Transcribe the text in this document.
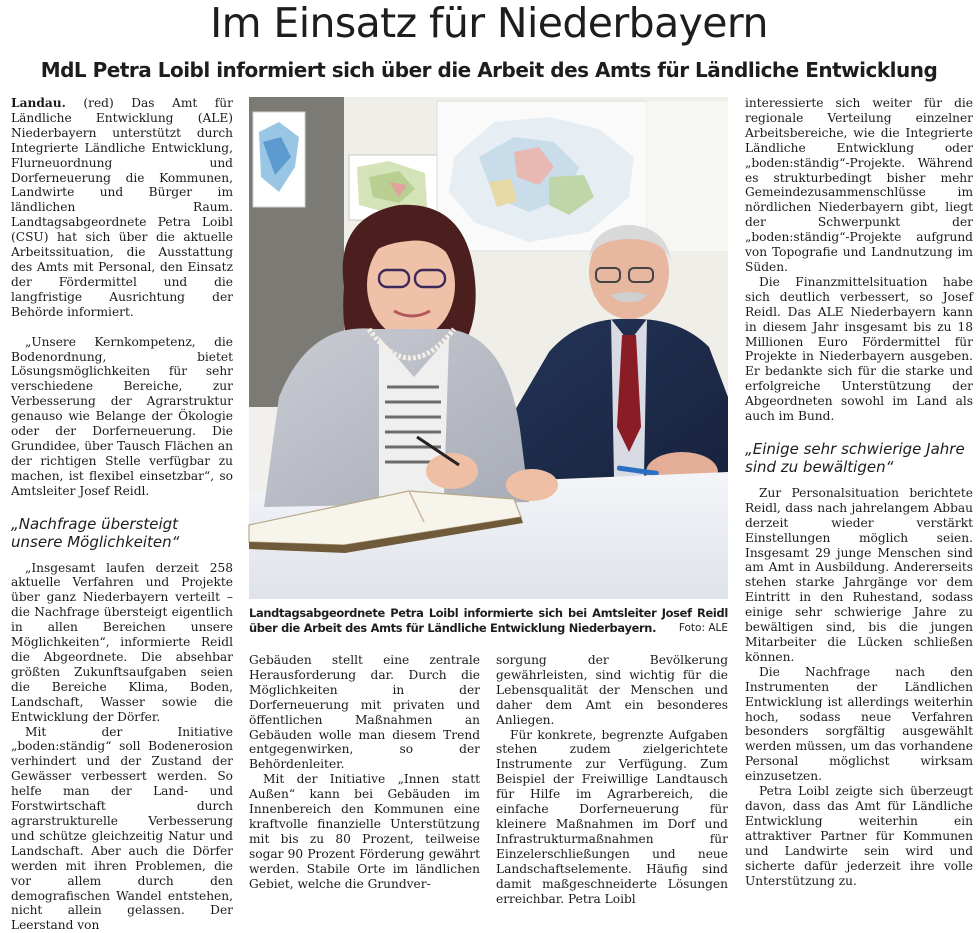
Im Einsatz für Niederbayern
MdL Petra Loibl informiert sich über die Arbeit des Amts für Ländliche Entwicklung

Landau. (red) Das Amt für Ländliche Entwicklung (ALE) Niederbayern unterstützt durch Integrierte Ländliche Entwicklung, Flurneuordnung und Dorferneuerung die Kommunen, Landwirte und Bürger im ländlichen Raum. Landtagsabgeordnete Petra Loibl (CSU) hat sich über die aktuelle Arbeitssituation, die Ausstattung des Amts mit Personal, den Einsatz der Fördermittel und die langfristige Ausrichtung der Behörde informiert.

„Unsere Kernkompetenz, die Bodenordnung, bietet Lösungsmöglichkeiten für sehr verschiedene Bereiche, zur Verbesserung der Agrarstruktur genauso wie Belange der Ökologie oder der Dorferneuerung. Die Grundidee, über Tausch Flächen an der richtigen Stelle verfügbar zu machen, ist flexibel einsetzbar“, so Amtsleiter Josef Reidl.

„Nachfrage übersteigt unsere Möglichkeiten“

„Insgesamt laufen derzeit 258 aktuelle Verfahren und Projekte über ganz Niederbayern verteilt – die Nachfrage übersteigt eigentlich in allen Bereichen unsere Möglichkeiten“, informierte Reidl die Abgeordnete. Die absehbar größten Zukunftsaufgaben seien die Bereiche Klima, Boden, Landschaft, Wasser sowie die Entwicklung der Dörfer.

Mit der Initiative „boden:ständig“ soll Bodenerosion verhindert und der Zustand der Gewässer verbessert werden. So helfe man der Land- und Forstwirtschaft durch agrarstrukturelle Verbesserung und schütze gleichzeitig Natur und Landschaft. Aber auch die Dörfer werden mit ihren Problemen, die vor allem durch den demografischen Wandel entstehen, nicht allein gelassen. Der Leerstand von

Landtagsabgeordnete Petra Loibl informierte sich bei Amtsleiter Josef Reidl über die Arbeit des Amts für Ländliche Entwicklung Niederbayern. Foto: ALE

Gebäuden stellt eine zentrale Herausforderung dar. Durch die Möglichkeiten in der Dorferneuerung mit privaten und öffentlichen Maßnahmen an Gebäuden wolle man diesem Trend entgegenwirken, so der Behördenleiter.

Mit der Initiative „Innen statt Außen“ kann bei Gebäuden im Innenbereich den Kommunen eine kraftvolle finanzielle Unterstützung mit bis zu 80 Prozent, teilweise sogar 90 Prozent Förderung gewährt werden. Stabile Orte im ländlichen Gebiet, welche die Grundver-

sorgung der Bevölkerung gewährleisten, sind wichtig für die Lebensqualität der Menschen und daher dem Amt ein besonderes Anliegen.

Für konkrete, begrenzte Aufgaben stehen zudem zielgerichtete Instrumente zur Verfügung. Zum Beispiel der Freiwillige Landtausch für Hilfe im Agrarbereich, die einfache Dorferneuerung für kleinere Maßnahmen im Dorf und Infrastrukturmaßnahmen für Einzelerschließungen und neue Landschaftselemente. Häufig sind damit maßgeschneiderte Lösungen erreichbar. Petra Loibl

interessierte sich weiter für die regionale Verteilung einzelner Arbeitsbereiche, wie die Integrierte Ländliche Entwicklung oder „boden:ständig“-Projekte. Während es strukturbedingt bisher mehr Gemeindezusammenschlüsse im nördlichen Niederbayern gibt, liegt der Schwerpunkt der „boden:ständig“-Projekte aufgrund von Topografie und Landnutzung im Süden.

Die Finanzmittelsituation habe sich deutlich verbessert, so Josef Reidl. Das ALE Niederbayern kann in diesem Jahr insgesamt bis zu 18 Millionen Euro Fördermittel für Projekte in Niederbayern ausgeben. Er bedankte sich für die starke und erfolgreiche Unterstützung der Abgeordneten sowohl im Land als auch im Bund.

„Einige sehr schwierige Jahre sind zu bewältigen“

Zur Personalsituation berichtete Reidl, dass nach jahrelangem Abbau derzeit wieder verstärkt Einstellungen möglich seien. Insgesamt 29 junge Menschen sind am Amt in Ausbildung. Andererseits stehen starke Jahrgänge vor dem Eintritt in den Ruhestand, sodass einige sehr schwierige Jahre zu bewältigen sind, bis die jungen Mitarbeiter die Lücken schließen können.

Die Nachfrage nach den Instrumenten der Ländlichen Entwicklung ist allerdings weiterhin hoch, sodass neue Verfahren besonders sorgfältig ausgewählt werden müssen, um das vorhandene Personal möglichst wirksam einzusetzen.

Petra Loibl zeigte sich überzeugt davon, dass das Amt für Ländliche Entwicklung weiterhin ein attraktiver Partner für Kommunen und Landwirte sein wird und sicherte dafür jederzeit ihre volle Unterstützung zu.
